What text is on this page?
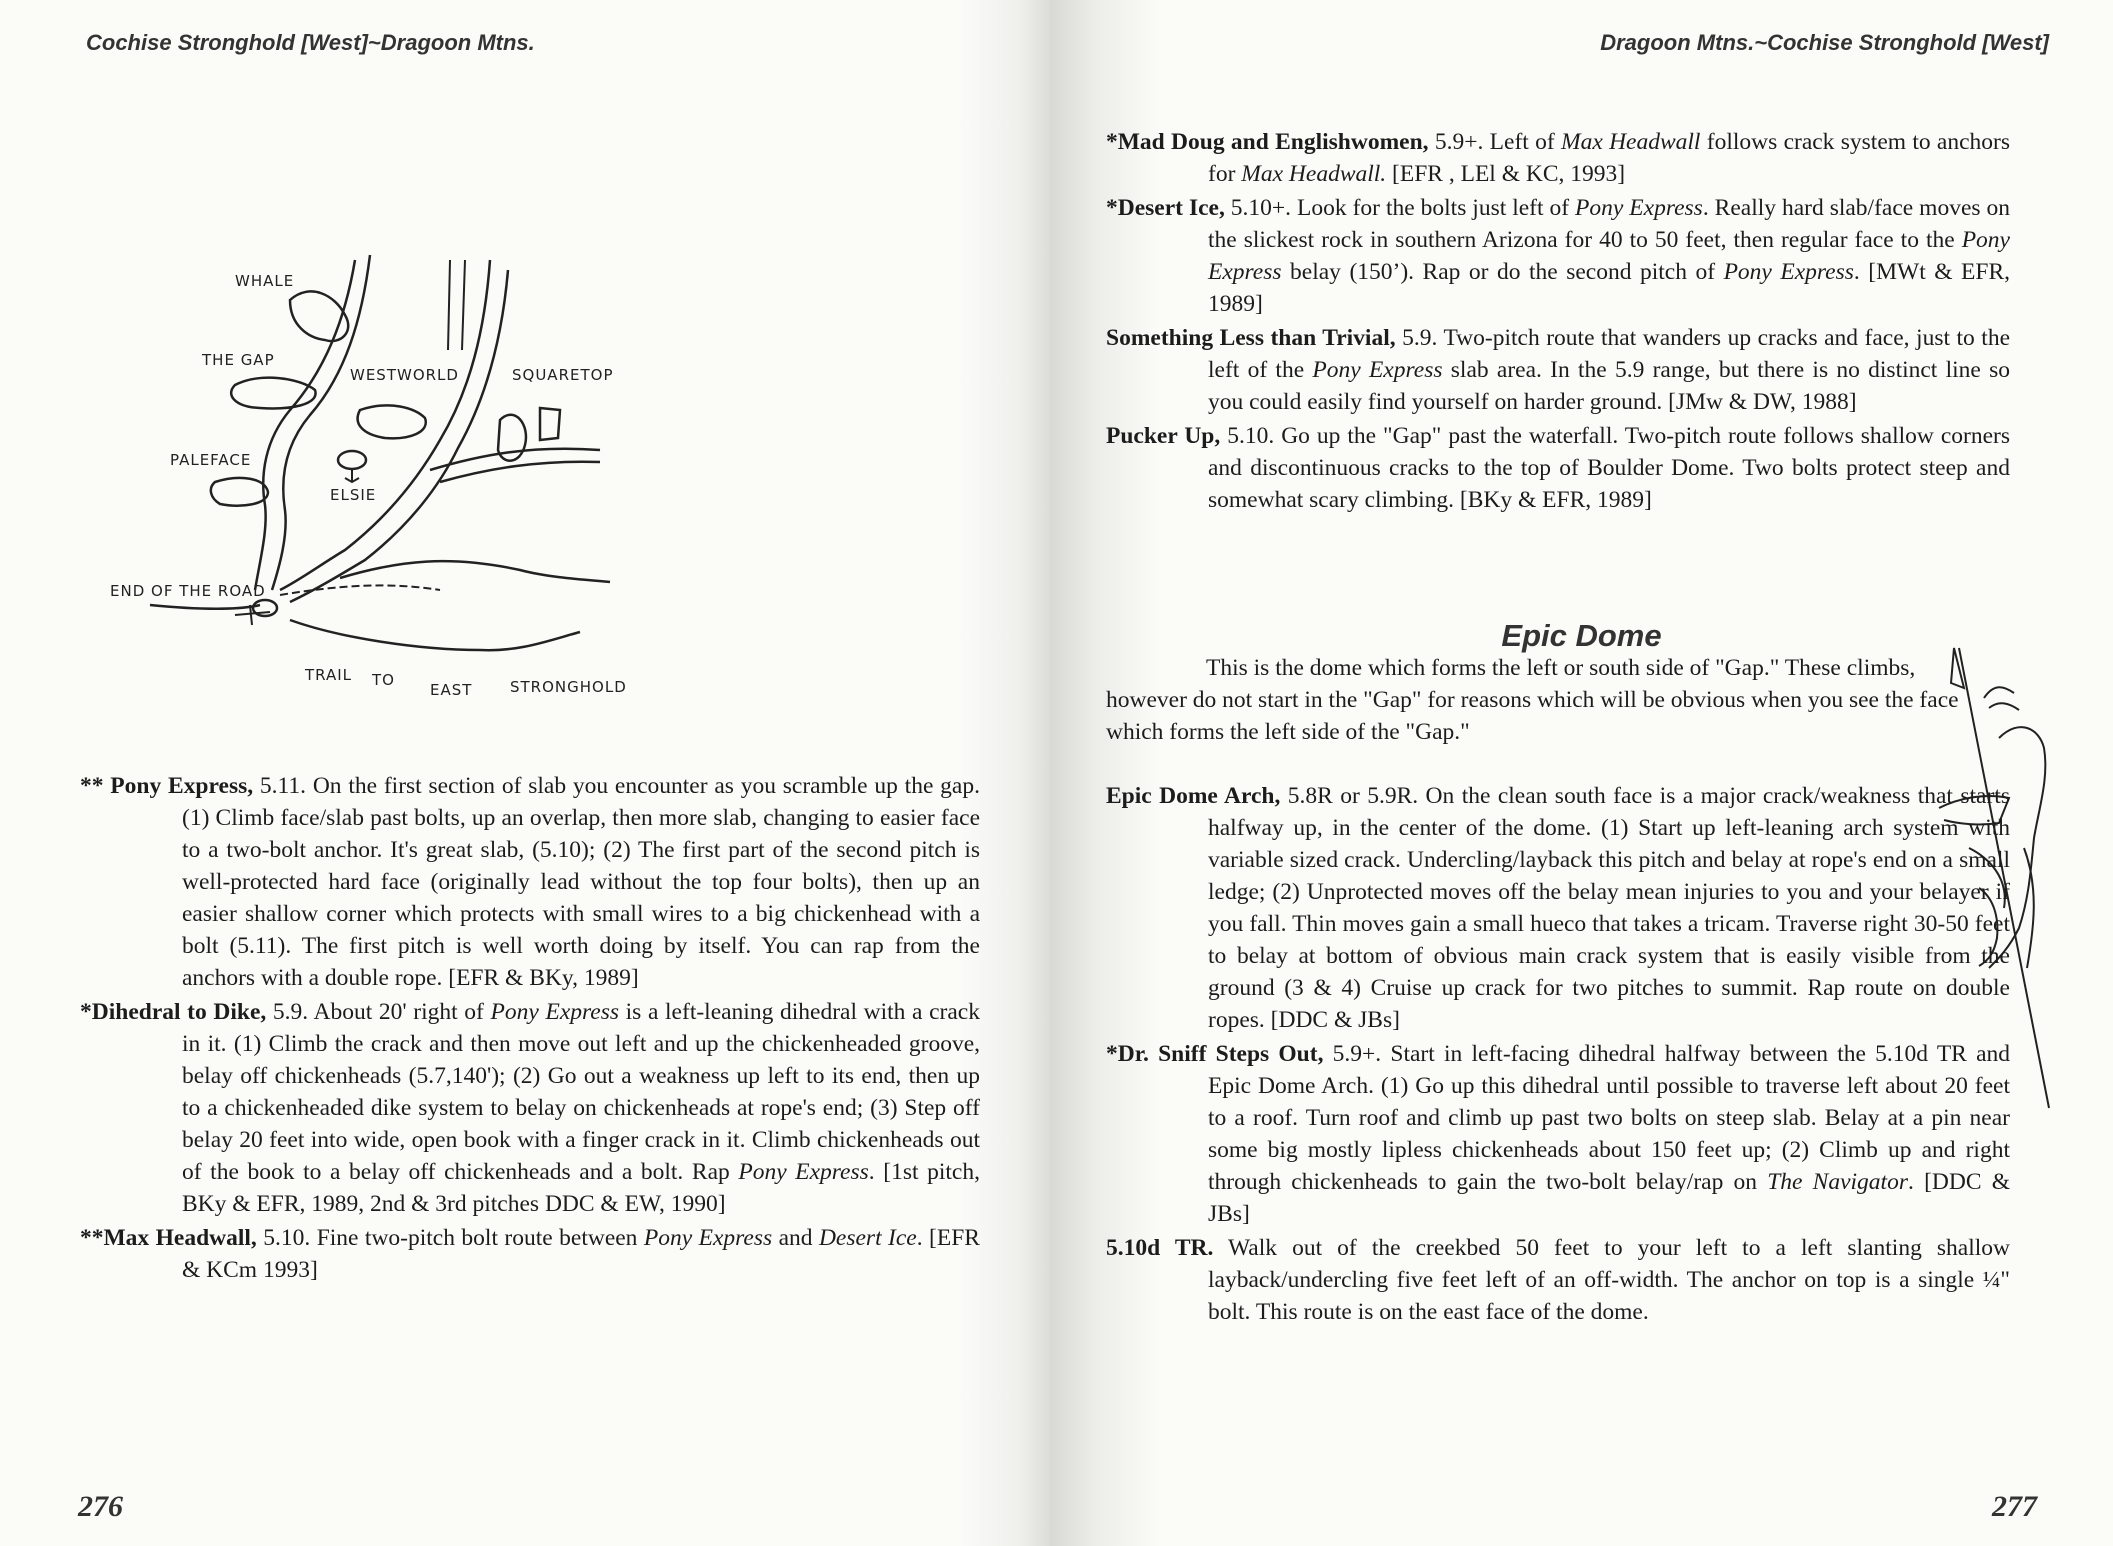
Cochise Stronghold [West]~Dragoon Mtns.
WHALE
THE GAP
WESTWORLD	SQUARETOP
PALEFACE
ELSIE
END OF THE ROAD
TRAIL TO
EAST	STRONGHOLD

** Pony Express, 5.11. On the first section of slab you encounter as you scramble up the gap. (1) Climb face/slab past bolts, up an overlap, then more slab, changing to easier face to a two-bolt anchor. It's great slab, (5.10); (2) The first part of the second pitch is well-protected hard face (originally lead without the top four bolts), then up an easier shallow corner which protects with small wires to a big chickenhead with a bolt (5.11). The first pitch is well worth doing by itself. You can rap from the anchors with a double rope. [EFR & BKy, 1989]

*Dihedral to Dike, 5.9. About 20' right of Pony Express is a left-leaning dihedral with a crack in it. (1) Climb the crack and then move out left and up the chickenheaded groove, belay off chickenheads (5.7,140'); (2) Go out a weakness up left to its end, then up to a chickenheaded dike system to belay on chickenheads at rope's end; (3) Step off belay 20 feet into wide, open book with a finger crack in it. Climb chickenheads out of the book to a belay off chickenheads and a bolt. Rap Pony Express. [1st pitch, BKy & EFR, 1989, 2nd & 3rd pitches DDC & EW, 1990]

**Max Headwall, 5.10. Fine two-pitch bolt route between Pony Express and Desert Ice. [EFR & KCm 1993]

276
Dragoon Mtns.~Cochise Stronghold [West]

*Mad Doug and Englishwomen, 5.9+. Left of Max Headwall follows crack system to anchors for Max Headwall. [EFR , LEl & KC, 1993]

*Desert Ice, 5.10+. Look for the bolts just left of Pony Express. Really hard slab/face moves on the slickest rock in southern Arizona for 40 to 50 feet, then regular face to the Pony Express belay (150’). Rap or do the second pitch of Pony Express. [MWt & EFR, 1989]

Something Less than Trivial, 5.9. Two-pitch route that wanders up cracks and face, just to the left of the Pony Express slab area. In the 5.9 range, but there is no distinct line so you could easily find yourself on harder ground. [JMw & DW, 1988]

Pucker Up, 5.10. Go up the "Gap" past the waterfall. Two-pitch route follows shallow corners and discontinuous cracks to the top of Boulder Dome. Two bolts protect steep and somewhat scary climbing. [BKy & EFR, 1989]

Epic Dome
This is the dome which forms the left or south side of "Gap." These climbs, however do not start in the "Gap" for reasons which will be obvious when you see the face which forms the left side of the "Gap."

Epic Dome Arch, 5.8R or 5.9R. On the clean south face is a major crack/weakness that starts halfway up, in the center of the dome. (1) Start up left-leaning arch system with variable sized crack. Undercling/layback this pitch and belay at rope's end on a small ledge; (2) Unprotected moves off the belay mean injuries to you and your belayer if you fall. Thin moves gain a small hueco that takes a tricam. Traverse right 30-50 feet to belay at bottom of obvious main crack system that is easily visible from the ground (3 & 4) Cruise up crack for two pitches to summit. Rap route on double ropes. [DDC & JBs]

*Dr. Sniff Steps Out, 5.9+. Start in left-facing dihedral halfway between the 5.10d TR and Epic Dome Arch. (1) Go up this dihedral until possible to traverse left about 20 feet to a roof. Turn roof and climb up past two bolts on steep slab. Belay at a pin near some big mostly lipless chickenheads about 150 feet up; (2) Climb up and right through chickenheads to gain the two-bolt belay/rap on The Navigator. [DDC & JBs]

5.10d TR. Walk out of the creekbed 50 feet to your left to a left slanting shallow layback/undercling five feet left of an off-width. The anchor on top is a single ¼" bolt. This route is on the east face of the dome.

277
